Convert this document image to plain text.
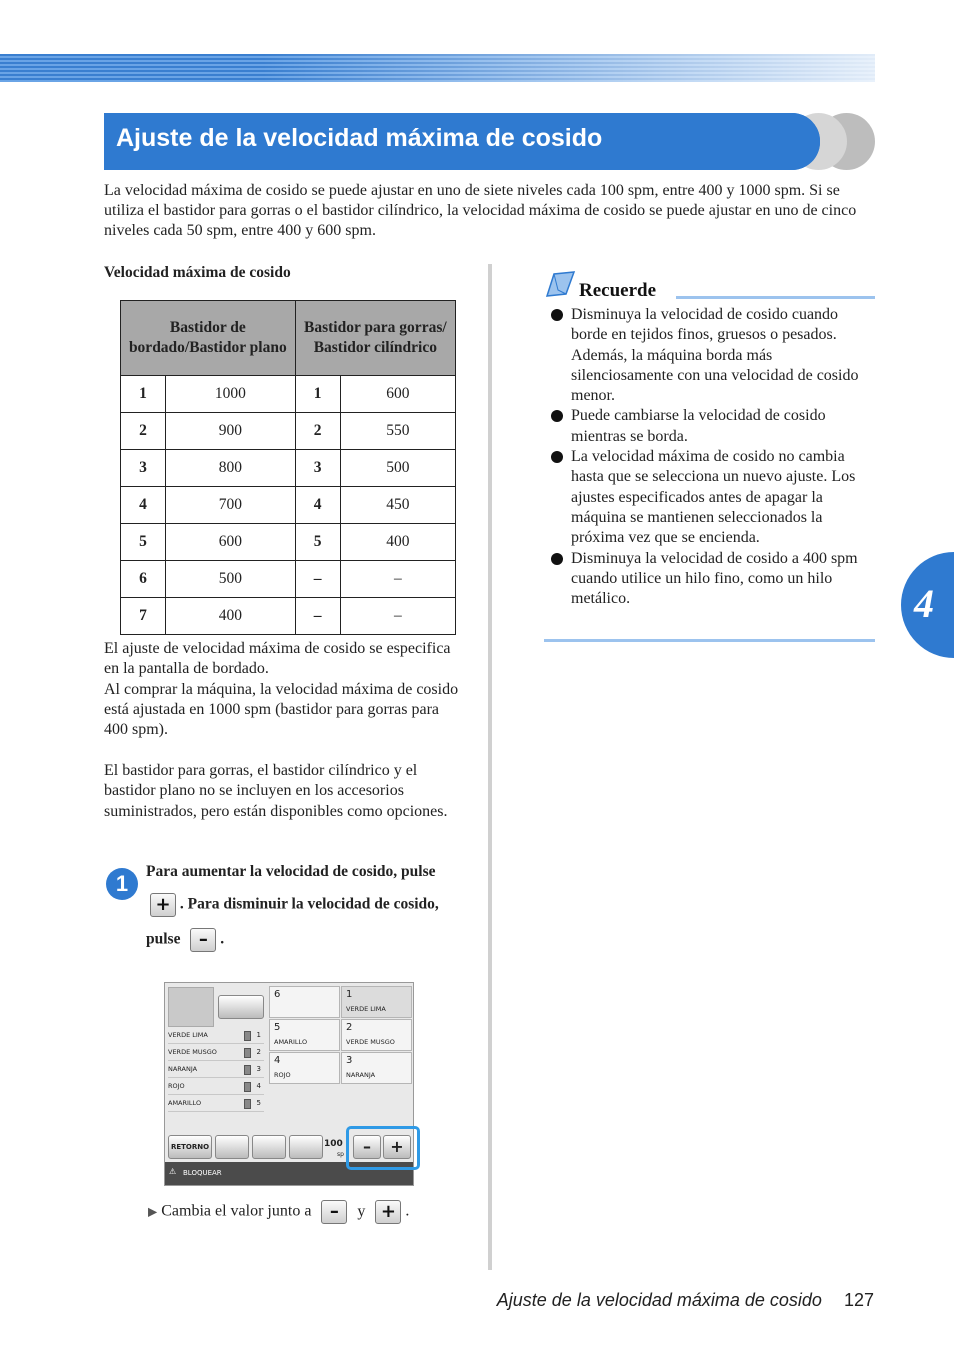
Ajuste de la velocidad máxima de cosido
La velocidad máxima de cosido se puede ajustar en uno de siete niveles cada 100 spm, entre 400 y 1000 spm. Si se utiliza el bastidor para gorras o el bastidor cilíndrico, la velocidad máxima de cosido se puede ajustar en uno de cinco niveles cada 50 spm, entre 400 y 600 spm.
Velocidad máxima de cosido
Bastidor de bordado/Bastidor plano		Bastidor para gorras/ Bastidor cilíndrico	
1	1000	1	600
2	900	2	550
3	800	3	500
4	700	4	450
5	600	5	400
6	500	–	–
7	400	–	–
El ajuste de velocidad máxima de cosido se especifica en la pantalla de bordado.
Al comprar la máquina, la velocidad máxima de cosido está ajustada en 1000 spm (bastidor para gorras para 400 spm).
El bastidor para gorras, el bastidor cilíndrico y el bastidor plano no se incluyen en los accesorios suministrados, pero están disponibles como opciones.
1	Para aumentar la velocidad de cosido, pulse
+ . Para disminuir la velocidad de cosido,
pulse – .
VERDE LIMA	1
VERDE MUSGO	2
NARANJA	3
ROJO	4
AMARILLO	5
6	1
VERDE LIMA
5
AMARILLO
2
VERDE MUSGO
4
ROJO
3
NARANJA
RETORNO	100
sp	–	+
⚠ BLOQUEAR
▶ Cambia el valor junto a – y + .
Recuerde
Disminuya la velocidad de cosido cuando borde en tejidos finos, gruesos o pesados. Además, la máquina borda más silenciosamente con una velocidad de cosido menor.
Puede cambiarse la velocidad de cosido mientras se borda.
La velocidad máxima de cosido no cambia hasta que se selecciona un nuevo ajuste. Los ajustes especificados antes de apagar la máquina se mantienen seleccionados la próxima vez que se encienda.
Disminuya la velocidad de cosido a 400 spm cuando utilice un hilo fino, como un hilo metálico.	4
Ajuste de la velocidad máxima de cosido 127
